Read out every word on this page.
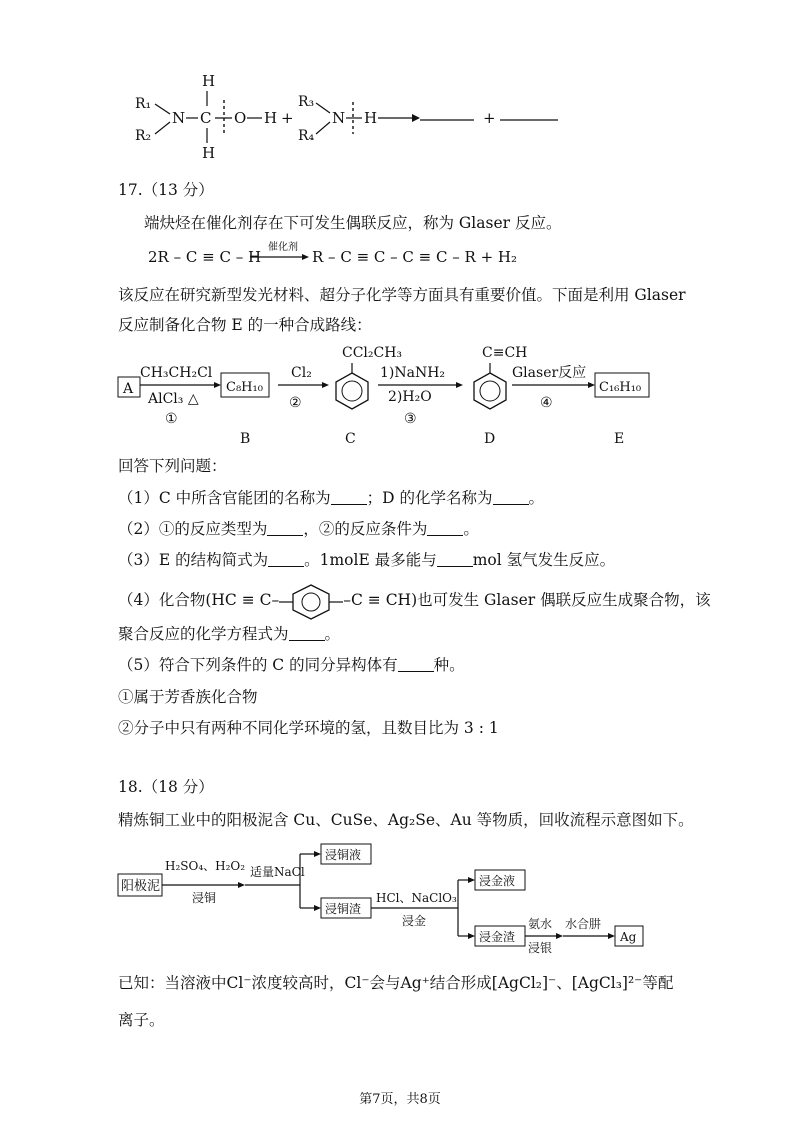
R₁
R₂
N C
H
H
O H +
R₃
R₄
N H	+
17.（13 分）
端炔烃在催化剂存在下可发生偶联反应，称为 Glaser 反应。
2R – C ≡ C – H
催化剂
R – C ≡ C – C ≡ C – R + H₂
该反应在研究新型发光材料、超分子化学等方面具有重要价值。下面是利用 Glaser
反应制备化合物 E 的一种合成路线：
A
CH₃CH₂Cl
AlCl₃ △
①
C₈H₁₀
Cl₂
②
CCl₂CH₃
1)NaNH₂
2)H₂O
③
C≡CH
Glaser反应
④
C₁₆H₁₀
B	C	D	E
回答下列问题：
（1）C 中所含官能团的名称为 ；D 的化学名称为 。
（2）①的反应类型为 ，②的反应条件为 。
（3）E 的结构简式为 。1molE 最多能与 mol 氢气发生反应。
（4）化合物(HC ≡ C–	–C ≡ CH)也可发生 Glaser 偶联反应生成聚合物，该
聚合反应的化学方程式为 。
（5）符合下列条件的 C 的同分异构体有 种。
①属于芳香族化合物
②分子中只有两种不同化学环境的氢，且数目比为 3 : 1
18.（18 分）
精炼铜工业中的阳极泥含 Cu、CuSe、Ag₂Se、Au 等物质，回收流程示意图如下。
阳极泥
H₂SO₄、H₂O₂
浸铜
适量NaCl
浸铜液
浸铜渣
HCl、NaClO₃
浸金
浸金液
浸金渣
氨水
浸银
水合肼
Ag
已知：当溶液中Cl⁻浓度较高时，Cl⁻会与Ag⁺结合形成[AgCl₂]⁻、[AgCl₃]²⁻等配
离子。
第7页，共8页
